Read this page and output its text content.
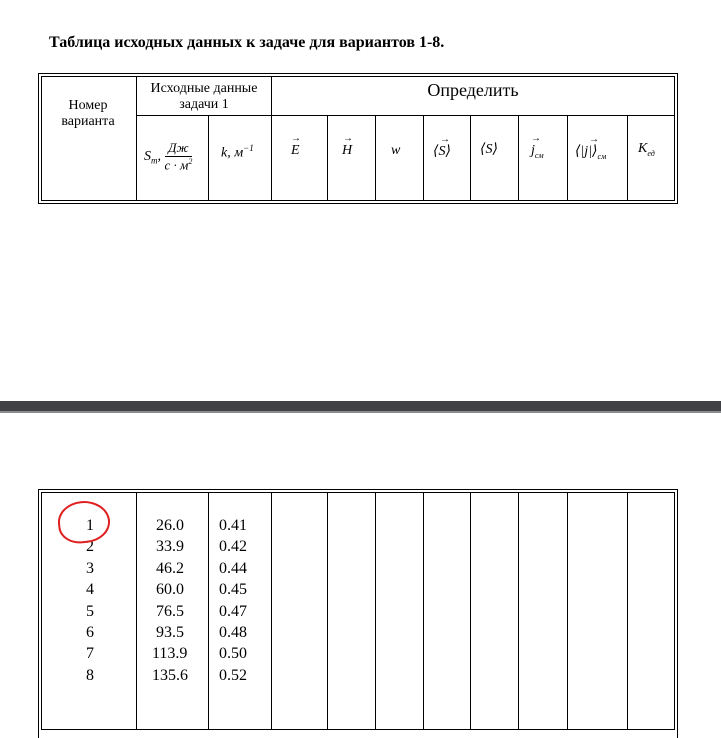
Таблица исходных данных к задаче для вариантов 1-8.
Номер варианта
Исходные данные задачи 1
Определить
$S_m$, $\frac{Дж}{с \cdot м^2} k$, $м^{-1}$
→
E
→
H	w
→
⟨S⟩ ⟨S⟩
→
$j_{см}$
→
$⟨|j|⟩_{см}$
$K_{ед}$
1
2
3
4
5
6
7
8
26.0
33.9
46.2
60.0
76.5
93.5
113.9
135.6
0.41
0.42
0.44
0.45
0.47
0.48
0.50
0.52
